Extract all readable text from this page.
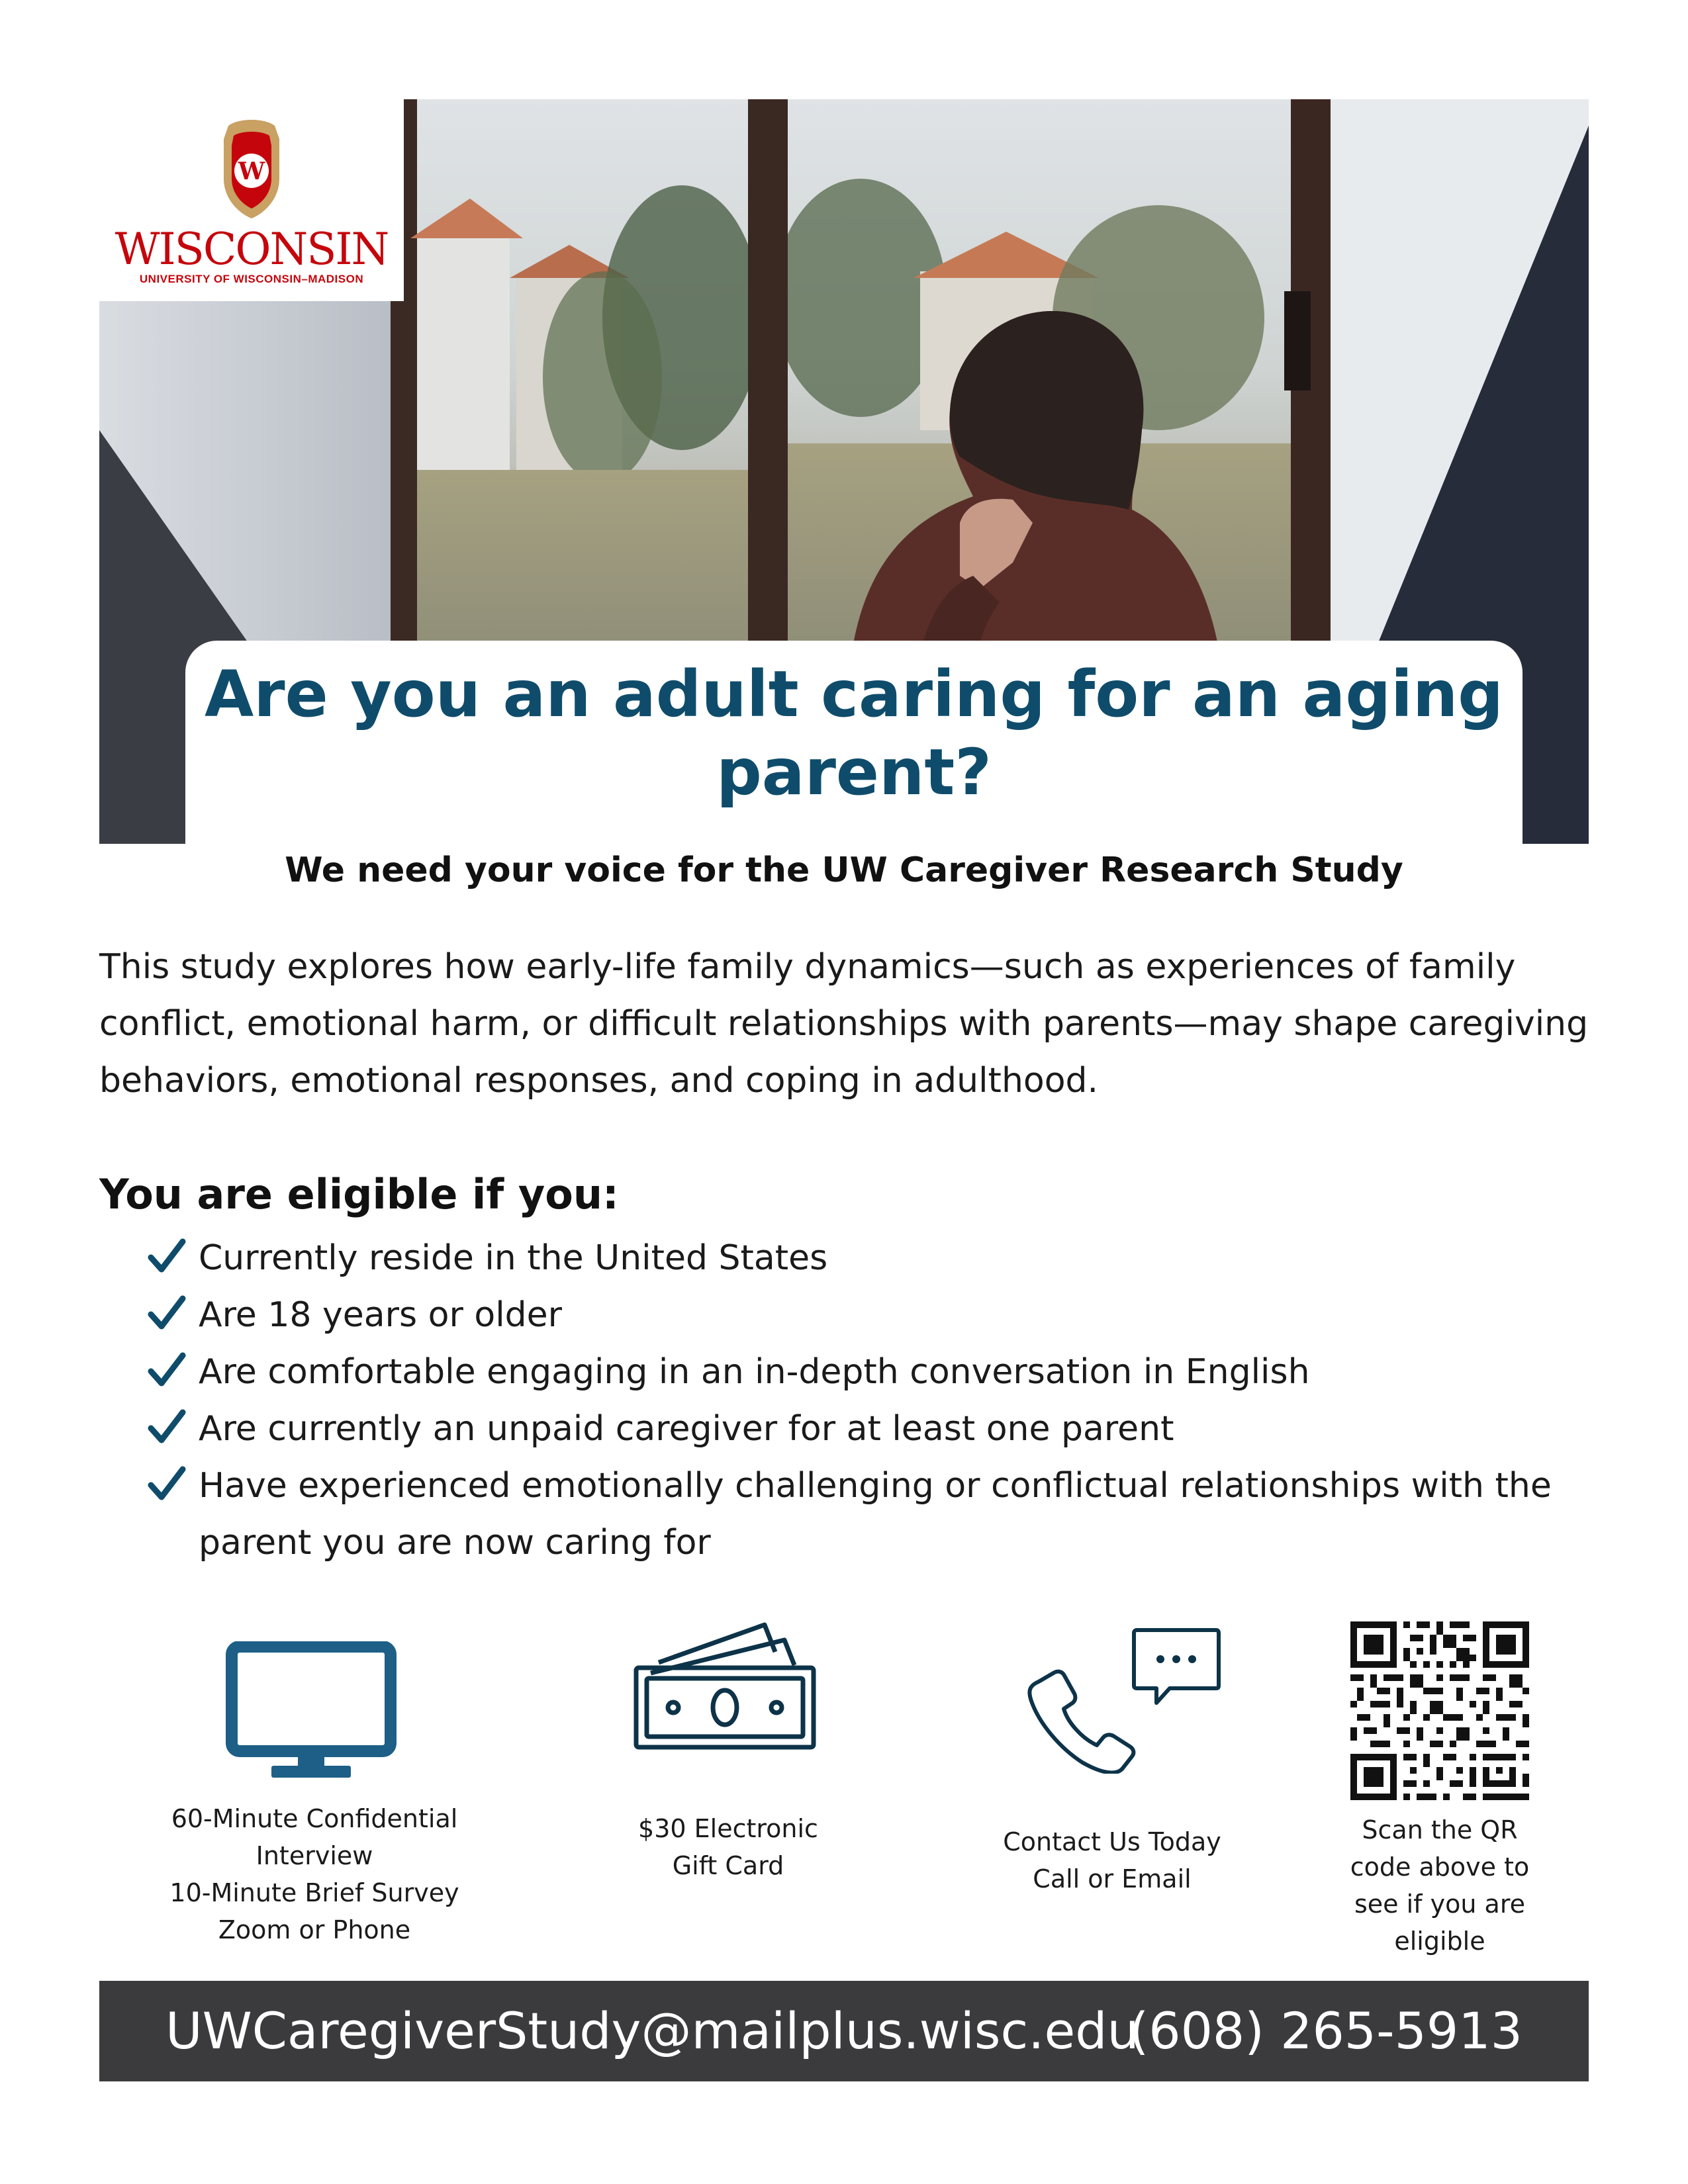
W
WISCONSIN
UNIVERSITY OF WISCONSIN–MADISON
Are you an adult caring for an aging parent?
We need your voice for the UW Caregiver Research Study

This study explores how early-life family dynamics—such as experiences of family conflict, emotional harm, or difficult relationships with parents—may shape caregiving behaviors, emotional responses, and coping in adulthood.

You are eligible if you:
Currently reside in the United States
Are 18 years or older
Are comfortable engaging in an in-depth conversation in English
Are currently an unpaid caregiver for at least one parent
Have experienced emotionally challenging or conflictual relationships with the parent you are now caring for
60-Minute Confidential
Interview
10-Minute Brief Survey
Zoom or Phone
$30 Electronic
Gift Card
Contact Us Today
Call or Email
Scan the QR
code above to
see if you are
eligible
UWCaregiverStudy@mailplus.wisc.edu
(608) 265-5913
